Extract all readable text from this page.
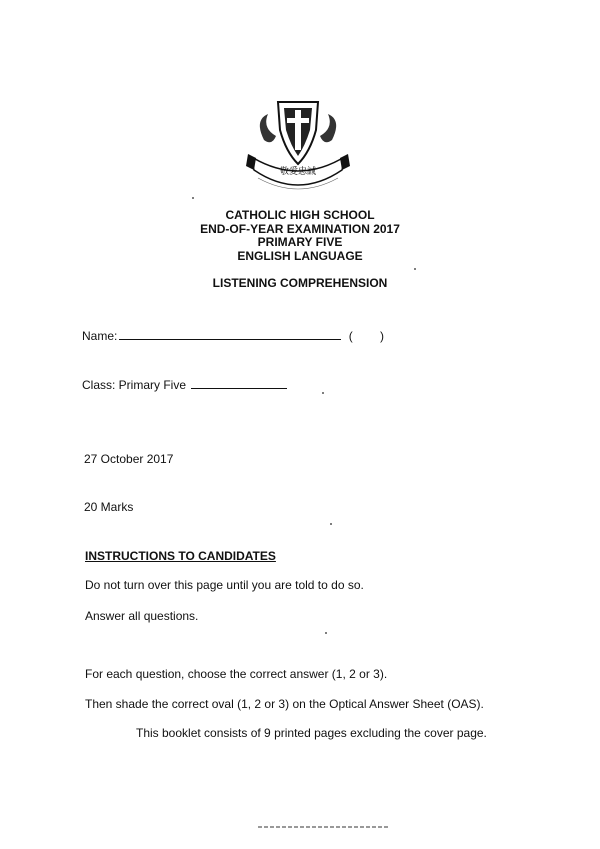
敬愛忠誠
CATHOLIC HIGH SCHOOL
END-OF-YEAR EXAMINATION 2017
PRIMARY FIVE
ENGLISH LANGUAGE
LISTENING COMPREHENSION
Name:	( )
Class: Primary Five
27 October 2017
20 Marks
INSTRUCTIONS TO CANDIDATES
Do not turn over this page until you are told to do so.
Answer all questions.
For each question, choose the correct answer (1, 2 or 3).
Then shade the correct oval (1, 2 or 3) on the Optical Answer Sheet (OAS).
This booklet consists of 9 printed pages excluding the cover page.
